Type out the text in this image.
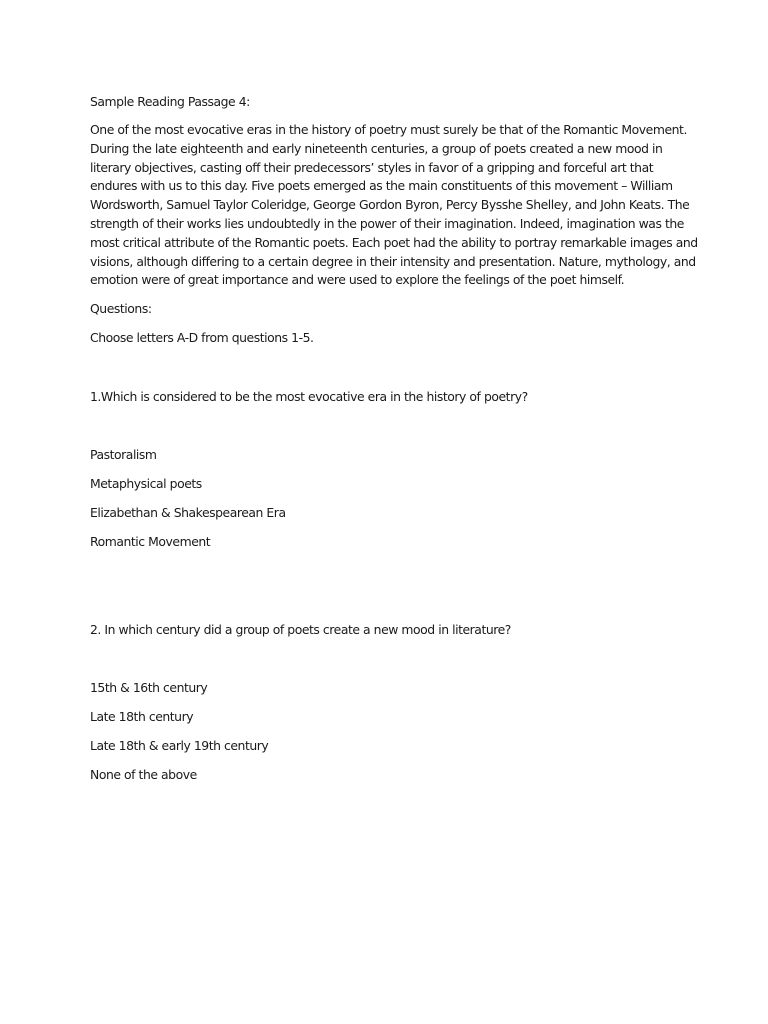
Sample Reading Passage 4:

One of the most evocative eras in the history of poetry must surely be that of the Romantic Movement.
During the late eighteenth and early nineteenth centuries, a group of poets created a new mood in
literary objectives, casting off their predecessors’ styles in favor of a gripping and forceful art that
endures with us to this day. Five poets emerged as the main constituents of this movement – William
Wordsworth, Samuel Taylor Coleridge, George Gordon Byron, Percy Bysshe Shelley, and John Keats. The
strength of their works lies undoubtedly in the power of their imagination. Indeed, imagination was the
most critical attribute of the Romantic poets. Each poet had the ability to portray remarkable images and
visions, although differing to a certain degree in their intensity and presentation. Nature, mythology, and
emotion were of great importance and were used to explore the feelings of the poet himself.

Questions:

Choose letters A-D from questions 1-5.

1.Which is considered to be the most evocative era in the history of poetry?

Pastoralism

Metaphysical poets

Elizabethan & Shakespearean Era

Romantic Movement

2. In which century did a group of poets create a new mood in literature?

15th & 16th century

Late 18th century

Late 18th & early 19th century

None of the above
